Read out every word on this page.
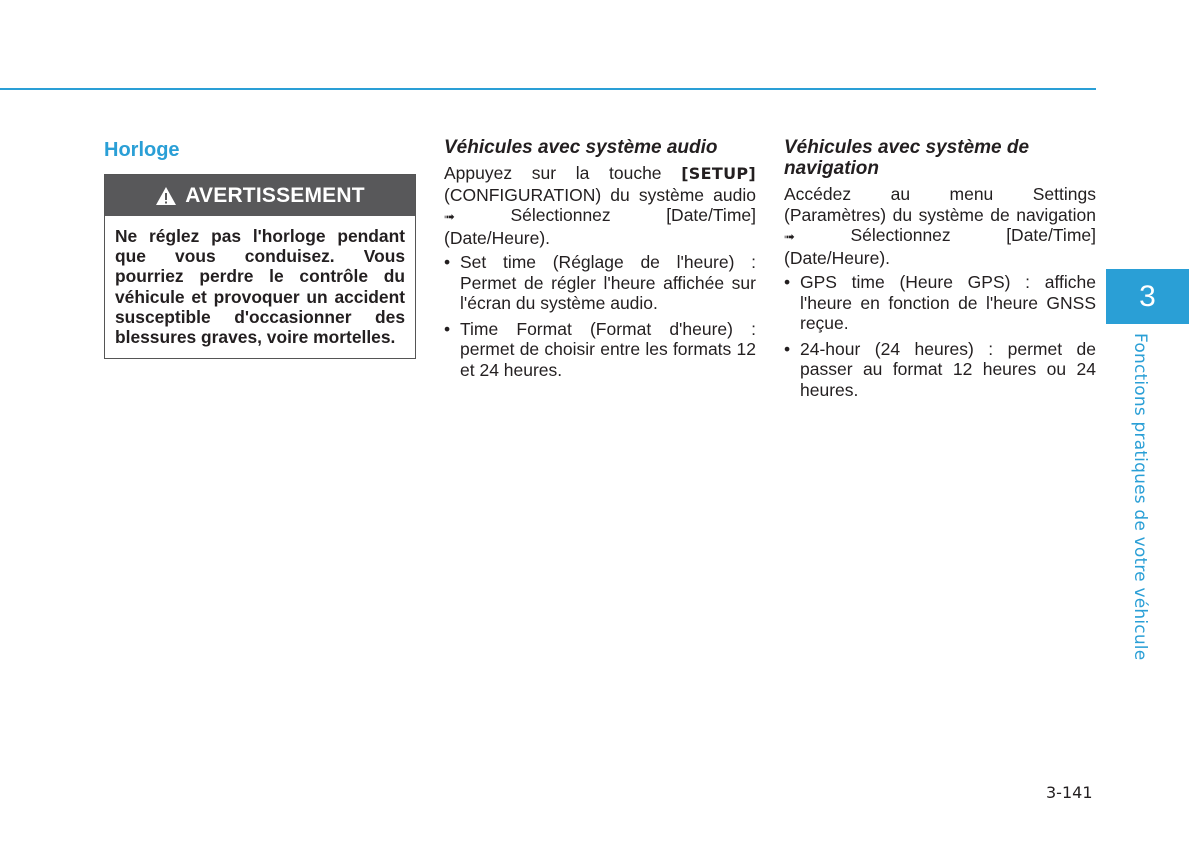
Horloge
AVERTISSEMENT
Ne réglez pas l'horloge pendant que vous conduisez. Vous pourriez perdre le contrôle du véhicule et provoquer un accident susceptible d'occasionner des blessures graves, voire mortelles.
Véhicules avec système audio

Appuyez sur la touche [SETUP] (CONFIGURATION) du système audio ➟ Sélectionnez [Date/Time] (Date/Heure).

• Set time (Réglage de l'heure) : Permet de régler l'heure affichée sur l'écran du système audio.
• Time Format (Format d'heure) : permet de choisir entre les formats 12 et 24 heures.
Véhicules avec système de navigation

Accédez au menu Settings (Paramètres) du système de navigation ➟ Sélectionnez [Date/Time] (Date/Heure).

• GPS time (Heure GPS) : affiche l'heure en fonction de l'heure GNSS reçue.
• 24-hour (24 heures) : permet de passer au format 12 heures ou 24 heures.
3
Fonctions pratiques de votre véhicule
3-141
